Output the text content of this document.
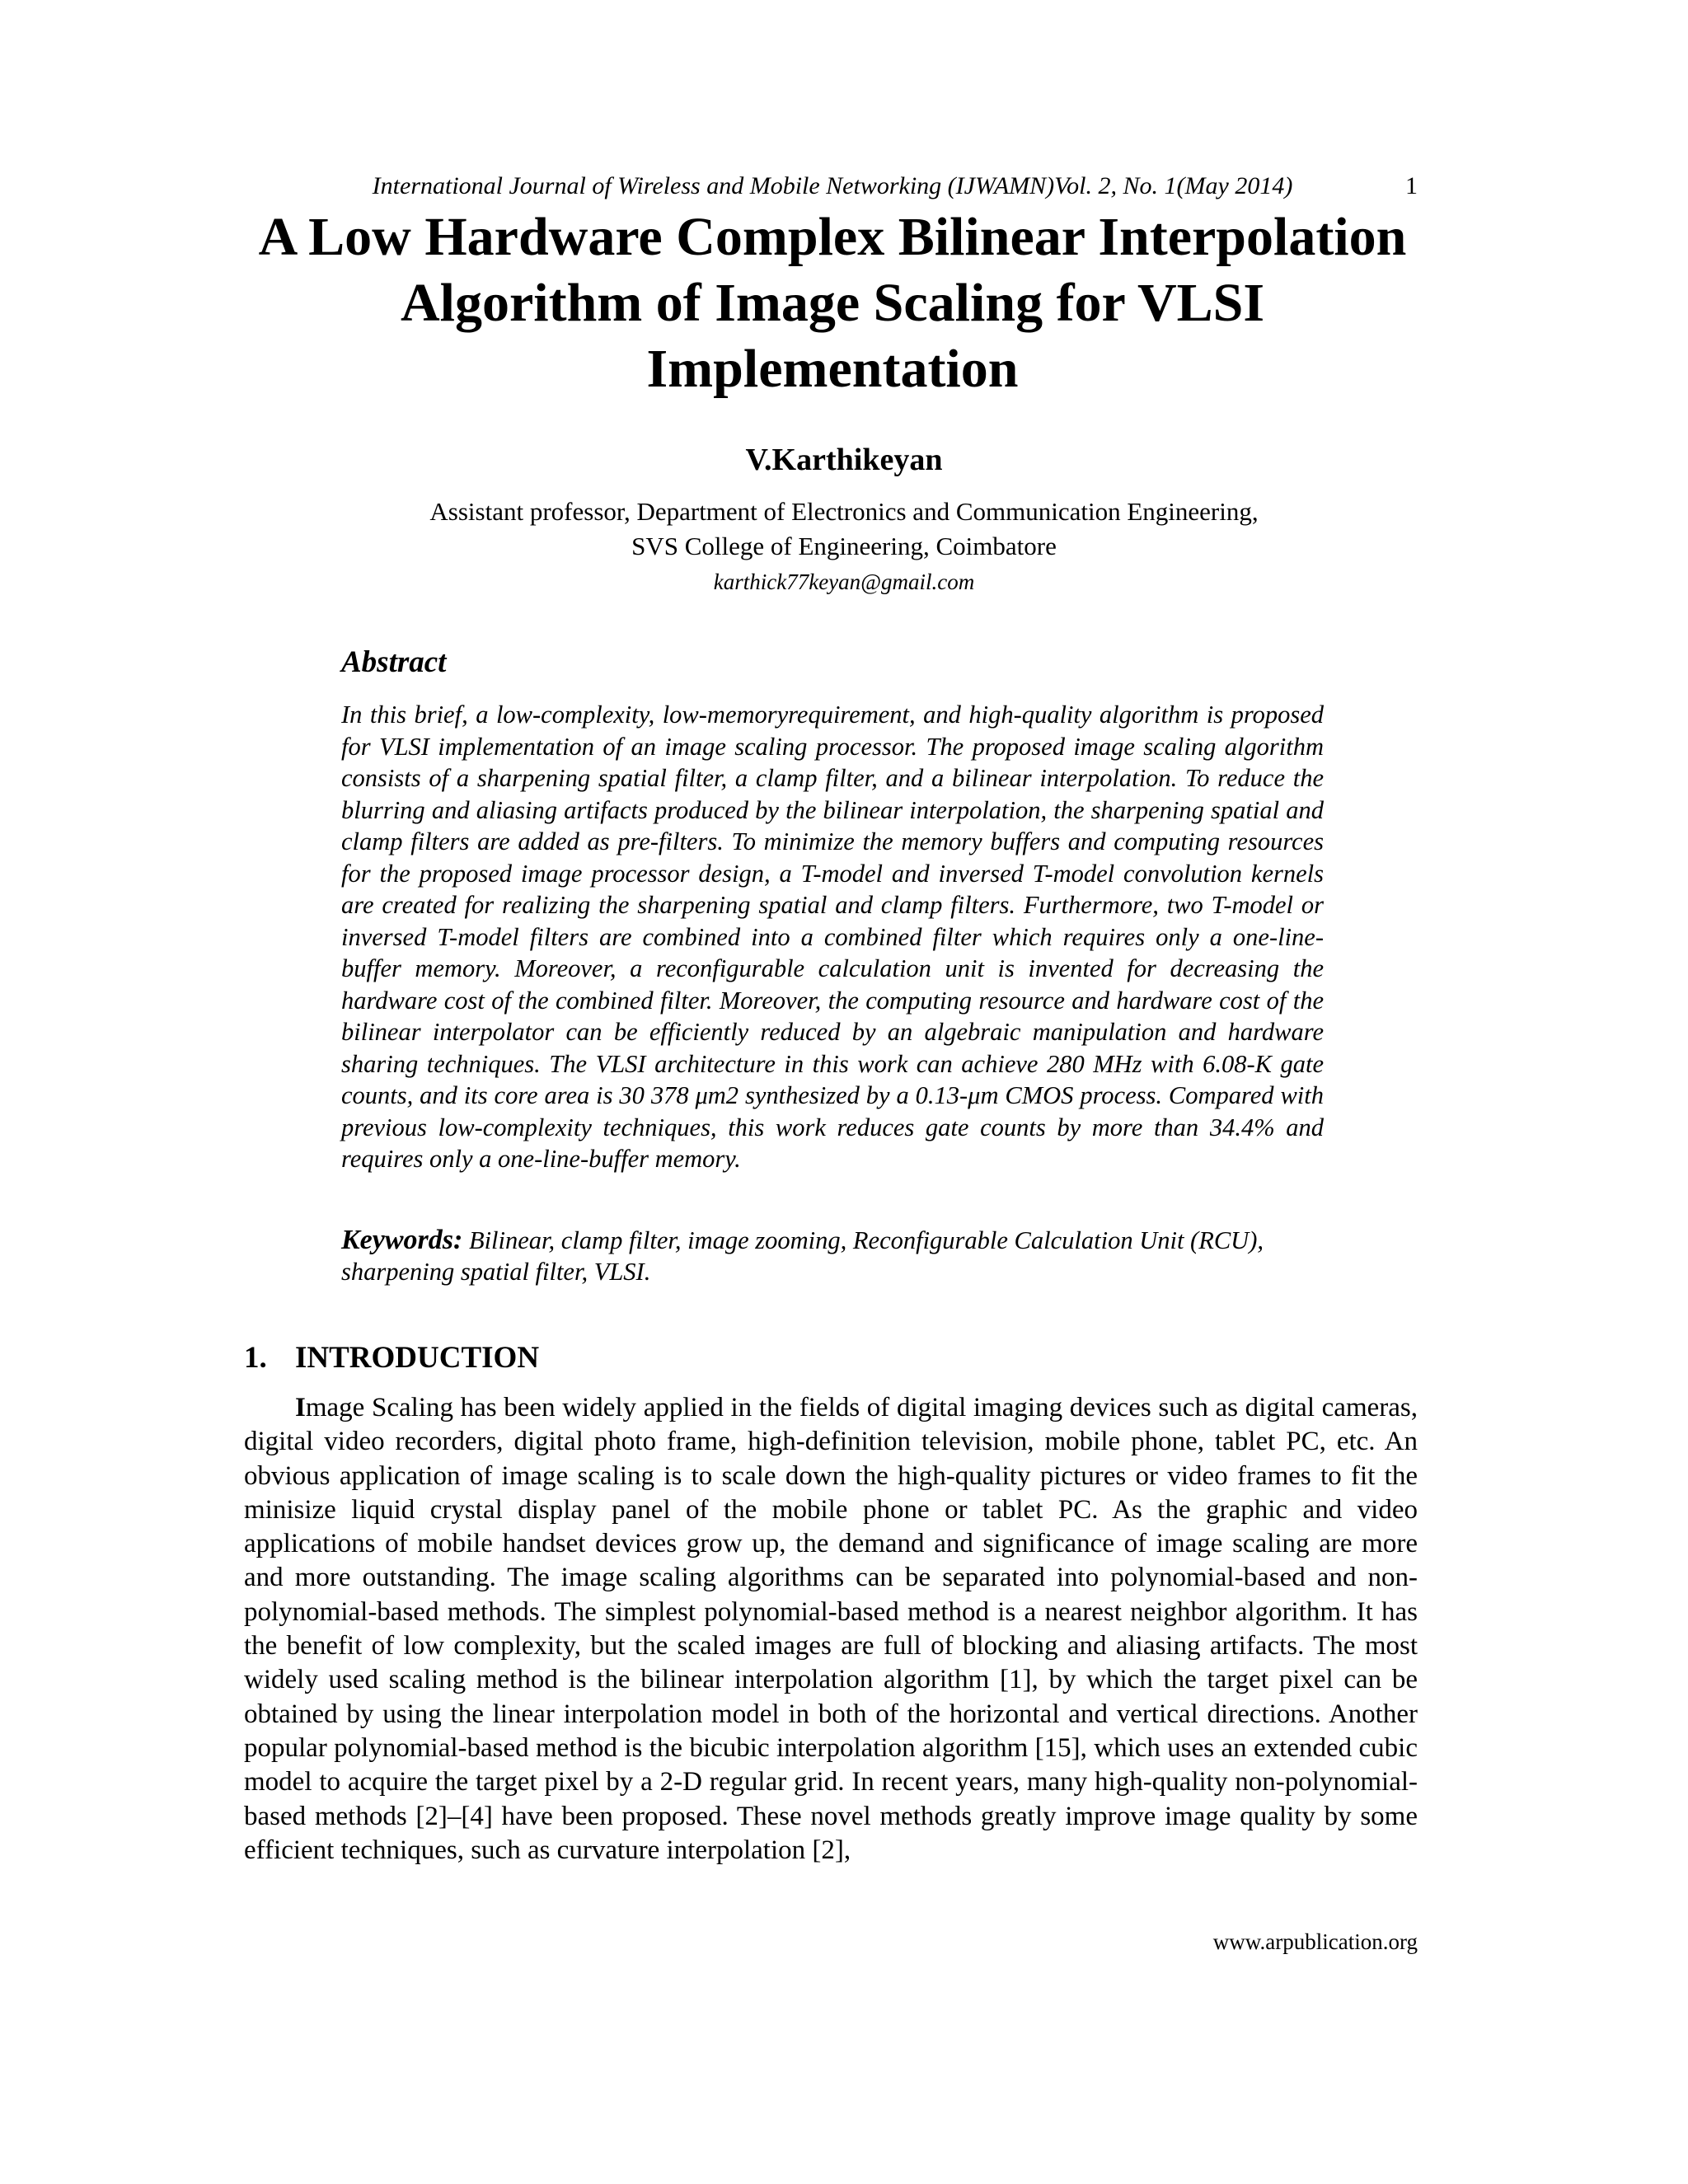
International Journal of Wireless and Mobile Networking (IJWAMN)Vol. 2, No. 1(May 2014)	1
A Low Hardware Complex Bilinear Interpolation Algorithm of Image Scaling for VLSI Implementation
V.Karthikeyan
Assistant professor, Department of Electronics and Communication Engineering,
SVS College of Engineering, Coimbatore
karthick77keyan@gmail.com
Abstract

In this brief, a low-complexity, low-memoryrequirement, and high-quality algorithm is proposed for VLSI implementation of an image scaling processor. The proposed image scaling algorithm consists of a sharpening spatial filter, a clamp filter, and a bilinear interpolation. To reduce the blurring and aliasing artifacts produced by the bilinear interpolation, the sharpening spatial and clamp filters are added as pre-filters. To minimize the memory buffers and computing resources for the proposed image processor design, a T-model and inversed T-model convolution kernels are created for realizing the sharpening spatial and clamp filters. Furthermore, two T-model or inversed T-model filters are combined into a combined filter which requires only a one-line-buffer memory. Moreover, a reconfigurable calculation unit is invented for decreasing the hardware cost of the combined filter. Moreover, the computing resource and hardware cost of the bilinear interpolator can be efficiently reduced by an algebraic manipulation and hardware sharing techniques. The VLSI architecture in this work can achieve 280 MHz with 6.08-K gate counts, and its core area is 30 378 μm2 synthesized by a 0.13-μm CMOS process. Compared with previous low-complexity techniques, this work reduces gate counts by more than 34.4% and requires only a one-line-buffer memory.

Keywords: Bilinear, clamp filter, image zooming, Reconfigurable Calculation Unit (RCU), sharpening spatial filter, VLSI.

1. INTRODUCTION

Image Scaling has been widely applied in the fields of digital imaging devices such as digital cameras, digital video recorders, digital photo frame, high-definition television, mobile phone, tablet PC, etc. An obvious application of image scaling is to scale down the high-quality pictures or video frames to fit the minisize liquid crystal display panel of the mobile phone or tablet PC. As the graphic and video applications of mobile handset devices grow up, the demand and significance of image scaling are more and more outstanding. The image scaling algorithms can be separated into polynomial-based and non-polynomial-based methods. The simplest polynomial-based method is a nearest neighbor algorithm. It has the benefit of low complexity, but the scaled images are full of blocking and aliasing artifacts. The most widely used scaling method is the bilinear interpolation algorithm [1], by which the target pixel can be obtained by using the linear interpolation model in both of the horizontal and vertical directions. Another popular polynomial-based method is the bicubic interpolation algorithm [15], which uses an extended cubic model to acquire the target pixel by a 2-D regular grid. In recent years, many high-quality non-polynomial-based methods [2]–[4] have been proposed. These novel methods greatly improve image quality by some efficient techniques, such as curvature interpolation [2],

www.arpublication.org
